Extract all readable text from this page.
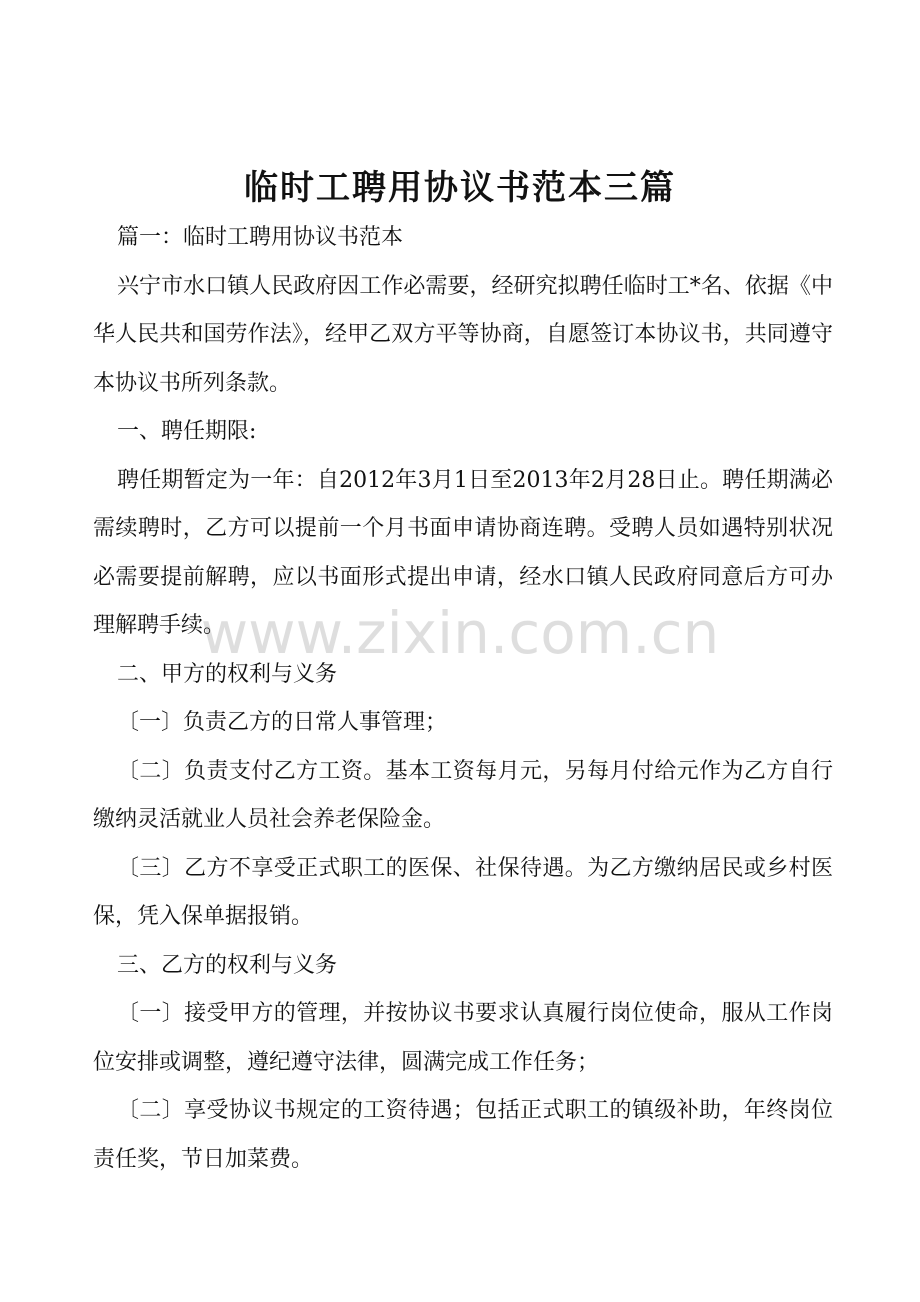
临时工聘用协议书范本三篇

篇一：临时工聘用协议书范本

兴宁市水口镇人民政府因工作必需要，经研究拟聘任临时工*名、依据《中华人民共和国劳作法》，经甲乙双方平等协商，自愿签订本协议书，共同遵守本协议书所列条款。

一、聘任期限:

聘任期暂定为一年：自2012年3月1日至2013年2月28日止。聘任期满必需续聘时，乙方可以提前一个月书面申请协商连聘。受聘人员如遇特别状况必需要提前解聘，应以书面形式提出申请，经水口镇人民政府同意后方可办理解聘手续。

二、甲方的权利与义务

〔一〕负责乙方的日常人事管理；

〔二〕负责支付乙方工资。基本工资每月元，另每月付给元作为乙方自行缴纳灵活就业人员社会养老保险金。

〔三〕乙方不享受正式职工的医保、社保待遇。为乙方缴纳居民或乡村医保，凭入保单据报销。

三、乙方的权利与义务

〔一〕接受甲方的管理，并按协议书要求认真履行岗位使命，服从工作岗位安排或调整，遵纪遵守法律，圆满完成工作任务；

〔二〕享受协议书规定的工资待遇；包括正式职工的镇级补助，年终岗位责任奖，节日加菜费。

www.zixin.com.cn
